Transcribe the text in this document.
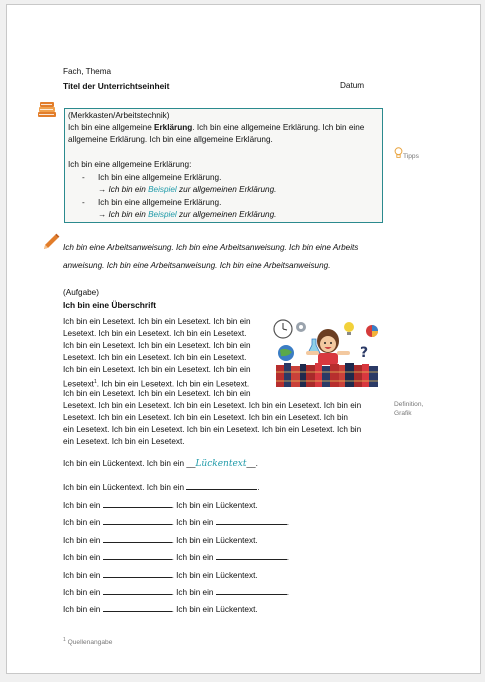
Fach, Thema
Titel der Unterrichtseinheit	Datum
(Merkkasten/Arbeitstechnik)
Ich bin eine allgemeine Erklärung. Ich bin eine allgemeine Erklärung. Ich bin eine
allgemeine Erklärung. Ich bin eine allgemeine Erklärung.
Ich bin eine allgemeine Erklärung:
- Ich bin eine allgemeine Erklärung.
→ Ich bin ein Beispiel zur allgemeinen Erklärung.
- Ich bin eine allgemeine Erklärung.
→ Ich bin ein Beispiel zur allgemeinen Erklärung.
Tipps
Ich bin eine Arbeitsanweisung. Ich bin eine Arbeitsanweisung. Ich bin eine Arbeits
anweisung. Ich bin eine Arbeitsanweisung. Ich bin eine Arbeitsanweisung.
(Aufgabe)
Ich bin eine Überschrift
Ich bin ein Lesetext. Ich bin ein Lesetext. Ich bin ein
Lesetext. Ich bin ein Lesetext. Ich bin ein Lesetext.
Ich bin ein Lesetext. Ich bin ein Lesetext. Ich bin ein
Lesetext. Ich bin ein Lesetext. Ich bin ein Lesetext.
Ich bin ein Lesetext. Ich bin ein Lesetext. Ich bin ein
Lesetext$^1$. Ich bin ein Lesetext. Ich bin ein Lesetext.
Ich bin ein Lesetext. Ich bin ein Lesetext. Ich bin ein
Lesetext. Ich bin ein Lesetext. Ich bin ein Lesetext. Ich bin ein Lesetext. Ich bin ein
Lesetext. Ich bin ein Lesetext. Ich bin ein Lesetext. Ich bin ein Lesetext. Ich bin
ein Lesetext. Ich bin ein Lesetext. Ich bin ein Lesetext. Ich bin ein Lesetext. Ich bin
ein Lesetext. Ich bin ein Lesetext.
?
Definition,
Grafik
Ich bin ein Lückentext. Ich bin ein __Lückentext__.
Ich bin ein Lückentext. Ich bin ein	.
Ich bin ein	. Ich bin ein Lückentext.
Ich bin ein	. Ich bin ein	.
Ich bin ein	. Ich bin ein Lückentext.
Ich bin ein	. Ich bin ein	.
Ich bin ein	. Ich bin ein Lückentext.
Ich bin ein	. Ich bin ein	.
Ich bin ein	. Ich bin ein Lückentext.
$^1$ Quellenangabe
